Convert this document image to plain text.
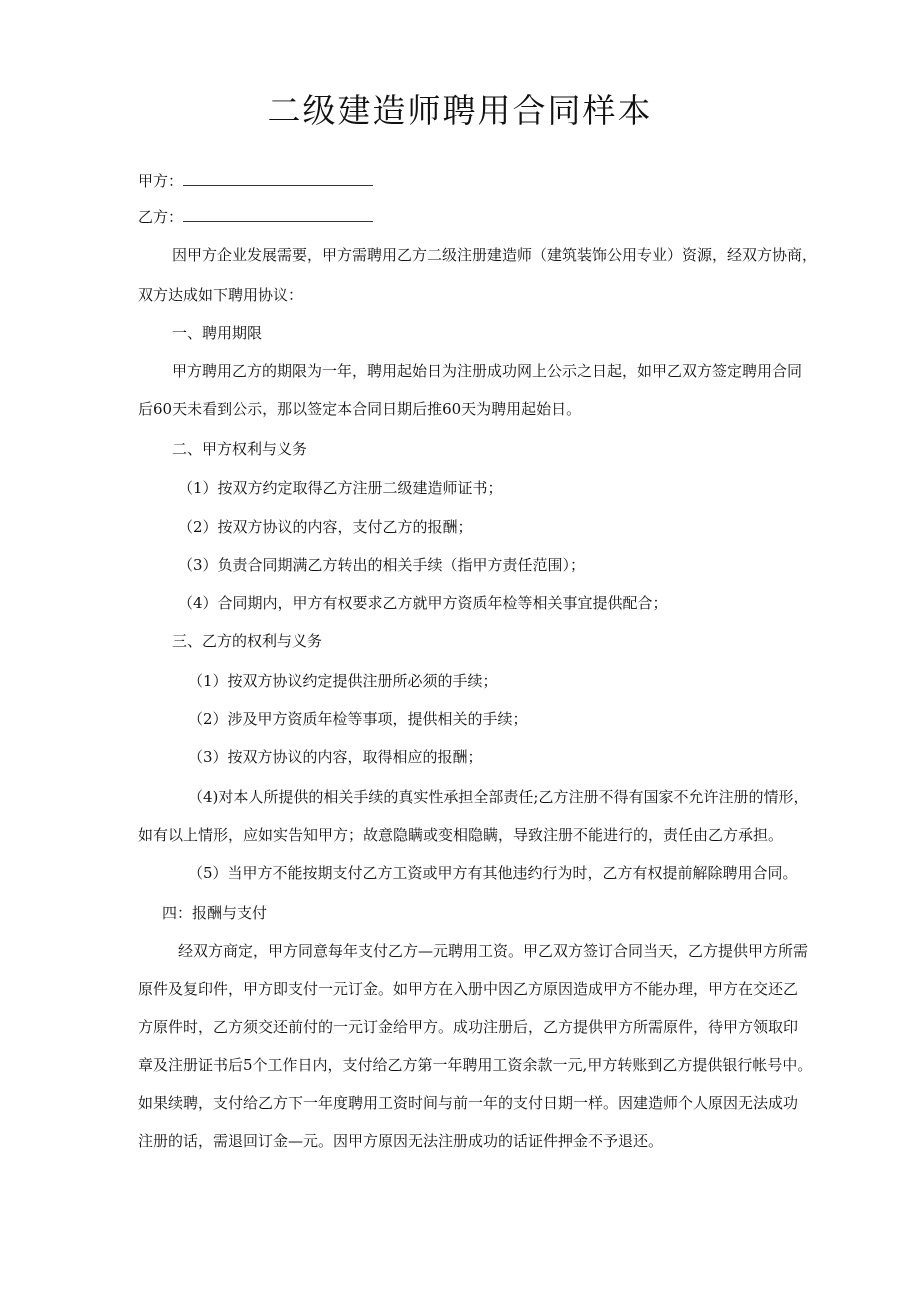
二级建造师聘用合同样本
甲方：
乙方：
因甲方企业发展需要，甲方需聘用乙方二级注册建造师（建筑装饰公用专业）资源，经双方协商，
双方达成如下聘用协议：
一、聘用期限
甲方聘用乙方的期限为一年，聘用起始日为注册成功网上公示之日起，如甲乙双方签定聘用合同
后60天未看到公示，那以签定本合同日期后推60天为聘用起始日。
二、甲方权利与义务
（1）按双方约定取得乙方注册二级建造师证书；
（2）按双方协议的内容，支付乙方的报酬；
（3）负责合同期满乙方转出的相关手续（指甲方责任范围）；
（4）合同期内，甲方有权要求乙方就甲方资质年检等相关事宜提供配合；
三、乙方的权利与义务
（1）按双方协议约定提供注册所必须的手续；
（2）涉及甲方资质年检等事项，提供相关的手续；
（3）按双方协议的内容，取得相应的报酬；
（4)对本人所提供的相关手续的真实性承担全部责任;乙方注册不得有国家不允许注册的情形，
如有以上情形，应如实告知甲方；故意隐瞒或变相隐瞒，导致注册不能进行的，责任由乙方承担。
（5）当甲方不能按期支付乙方工资或甲方有其他违约行为时，乙方有权提前解除聘用合同。
四：报酬与支付
经双方商定，甲方同意每年支付乙方—元聘用工资。甲乙双方签订合同当天，乙方提供甲方所需
原件及复印件，甲方即支付一元订金。如甲方在入册中因乙方原因造成甲方不能办理，甲方在交还乙
方原件时，乙方须交还前付的一元订金给甲方。成功注册后，乙方提供甲方所需原件，待甲方领取印
章及注册证书后5个工作日内，支付给乙方第一年聘用工资余款一元,甲方转账到乙方提供银行帐号中。
如果续聘，支付给乙方下一年度聘用工资时间与前一年的支付日期一样。因建造师个人原因无法成功
注册的话，需退回订金—元。因甲方原因无法注册成功的话证件押金不予退还。
